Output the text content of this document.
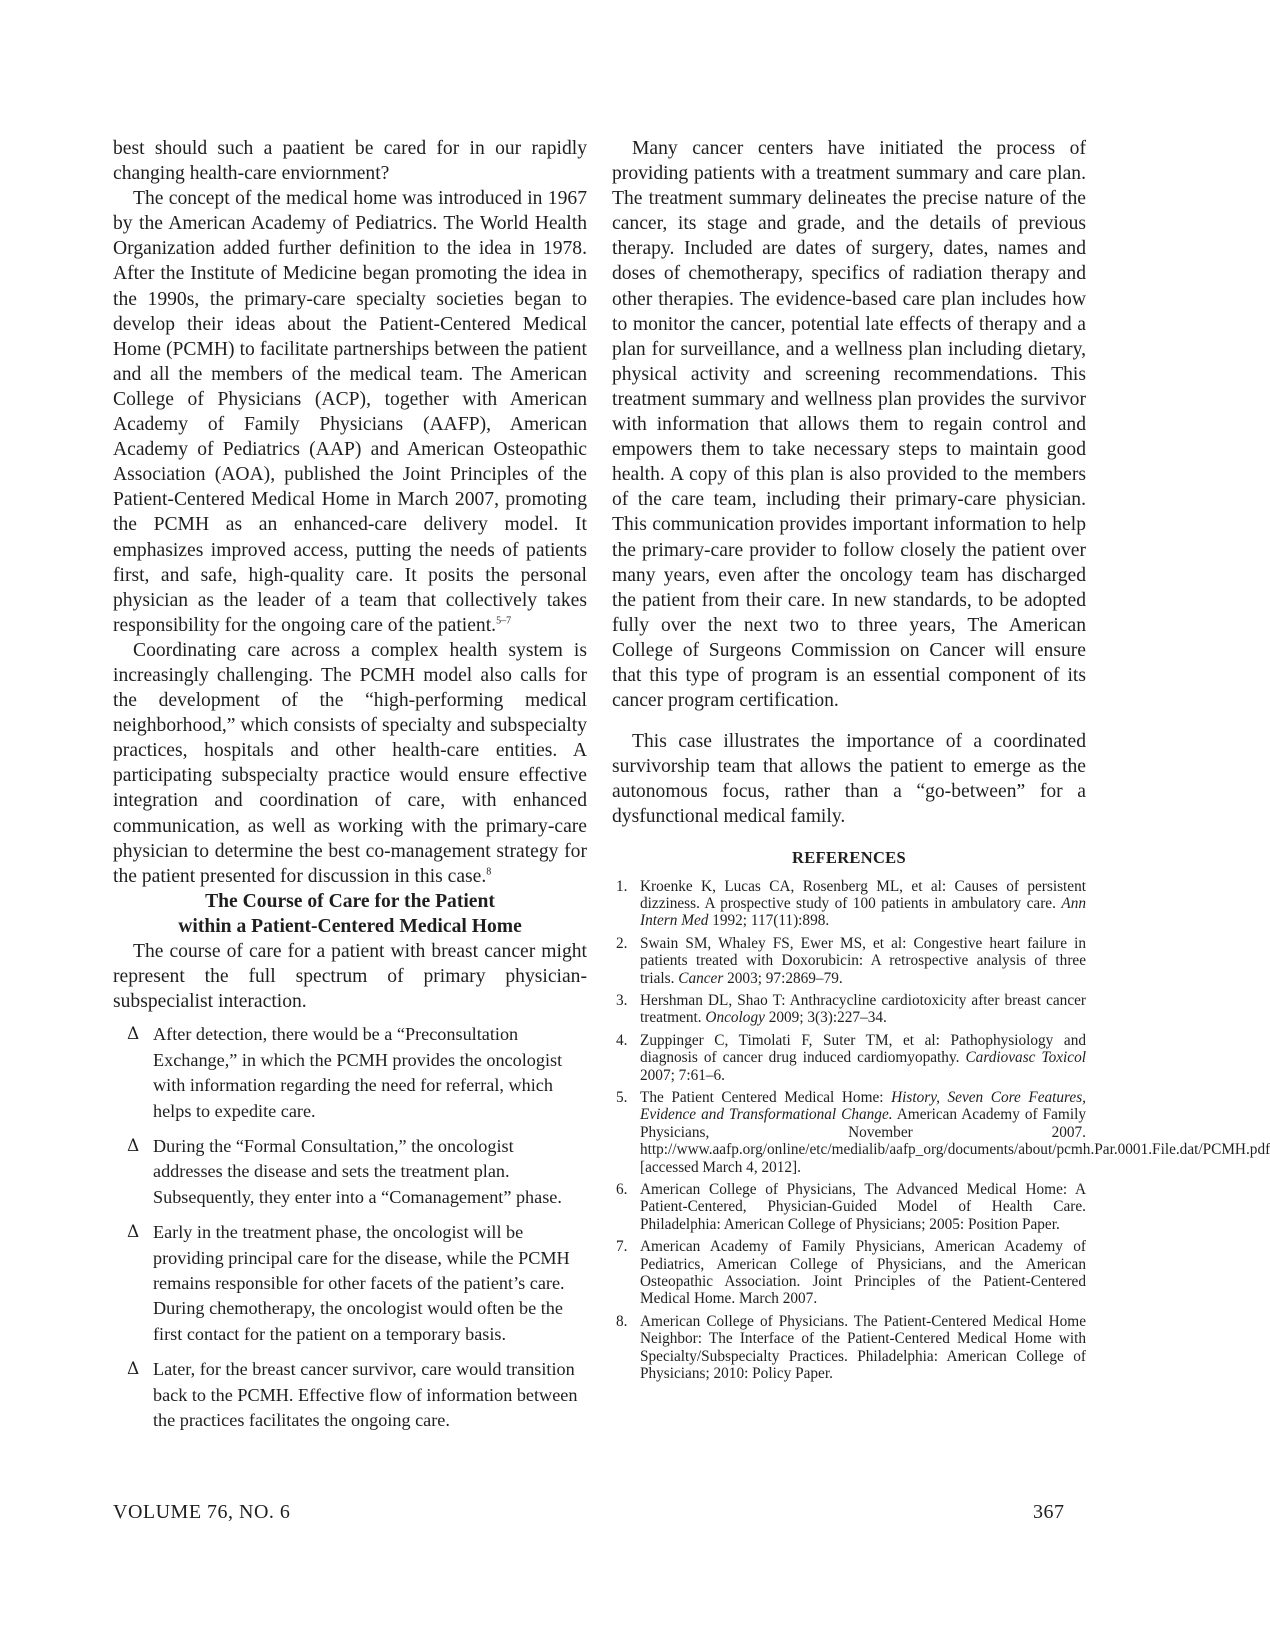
best should such a paatient be cared for in our rapidly changing health-care enviornment?

The concept of the medical home was introduced in 1967 by the American Academy of Pediatrics. The World Health Organization added further definition to the idea in 1978. After the Institute of Medicine began promoting the idea in the 1990s, the primary-care specialty societies began to develop their ideas about the Patient-Centered Medical Home (PCMH) to facilitate partnerships between the patient and all the members of the medical team. The American College of Physicians (ACP), together with American Academy of Family Physicians (AAFP), American Academy of Pediatrics (AAP) and American Osteopathic Association (AOA), published the Joint Principles of the Patient-Centered Medical Home in March 2007, promoting the PCMH as an enhanced-care delivery model. It emphasizes improved access, putting the needs of patients first, and safe, high-quality care. It posits the personal physician as the leader of a team that collectively takes responsibility for the ongoing care of the patient.$^{5-7}$

Coordinating care across a complex health system is increasingly challenging. The PCMH model also calls for the development of the “high-performing medical neighborhood,” which consists of specialty and subspecialty practices, hospitals and other health-care entities. A participating subspecialty practice would ensure effective integration and coordination of care, with enhanced communication, as well as working with the primary-care physician to determine the best co-management strategy for the patient presented for discussion in this case.$^8$

The Course of Care for the Patient
within a Patient-Centered Medical Home

The course of care for a patient with breast cancer might represent the full spectrum of primary physician-subspecialist interaction.

Δ After detection, there would be a “Preconsultation Exchange,” in which the PCMH provides the oncologist with information regarding the need for referral, which helps to expedite care.
Δ During the “Formal Consultation,” the oncologist addresses the disease and sets the treatment plan. Subsequently, they enter into a “Comanagement” phase.
Δ Early in the treatment phase, the oncologist will be providing principal care for the disease, while the PCMH remains responsible for other facets of the patient’s care. During chemotherapy, the oncologist would often be the first contact for the patient on a temporary basis.
Δ Later, for the breast cancer survivor, care would transition back to the PCMH. Effective flow of information between the practices facilitates the ongoing care.

Many cancer centers have initiated the process of providing patients with a treatment summary and care plan. The treatment summary delineates the precise nature of the cancer, its stage and grade, and the details of previous therapy. Included are dates of surgery, dates, names and doses of chemotherapy, specifics of radiation therapy and other therapies. The evidence-based care plan includes how to monitor the cancer, potential late effects of therapy and a plan for surveillance, and a wellness plan including dietary, physical activity and screening recommendations. This treatment summary and wellness plan provides the survivor with information that allows them to regain control and empowers them to take necessary steps to maintain good health. A copy of this plan is also provided to the members of the care team, including their primary-care physician. This communication provides important information to help the primary-care provider to follow closely the patient over many years, even after the oncology team has discharged the patient from their care. In new standards, to be adopted fully over the next two to three years, The American College of Surgeons Commission on Cancer will ensure that this type of program is an essential component of its cancer program certification.

This case illustrates the importance of a coordinated survivorship team that allows the patient to emerge as the autonomous focus, rather than a “go-between” for a dysfunctional medical family.

REFERENCES
1. Kroenke K, Lucas CA, Rosenberg ML, et al: Causes of persistent dizziness. A prospective study of 100 patients in ambulatory care. Ann Intern Med 1992; 117(11):898.
2. Swain SM, Whaley FS, Ewer MS, et al: Congestive heart failure in patients treated with Doxorubicin: A retrospective analysis of three trials. Cancer 2003; 97:2869–79.
3. Hershman DL, Shao T: Anthracycline cardiotoxicity after breast cancer treatment. Oncology 2009; 3(3):227–34.
4. Zuppinger C, Timolati F, Suter TM, et al: Pathophysiology and diagnosis of cancer drug induced cardiomyopathy. Cardiovasc Toxicol 2007; 7:61–6.
5. The Patient Centered Medical Home: History, Seven Core Features, Evidence and Transformational Change. American Academy of Family Physicians, November 2007. http://www.aafp.org/online/etc/medialib/aafp_org/documents/about/pcmh.Par.0001.File.dat/PCMH.pdf [accessed March 4, 2012].
6. American College of Physicians, The Advanced Medical Home: A Patient-Centered, Physician-Guided Model of Health Care. Philadelphia: American College of Physicians; 2005: Position Paper.
7. American Academy of Family Physicians, American Academy of Pediatrics, American College of Physicians, and the American Osteopathic Association. Joint Principles of the Patient-Centered Medical Home. March 2007.
8. American College of Physicians. The Patient-Centered Medical Home Neighbor: The Interface of the Patient-Centered Medical Home with Specialty/Subspecialty Practices. Philadelphia: American College of Physicians; 2010: Policy Paper.
VOLUME 76, NO. 6	367
